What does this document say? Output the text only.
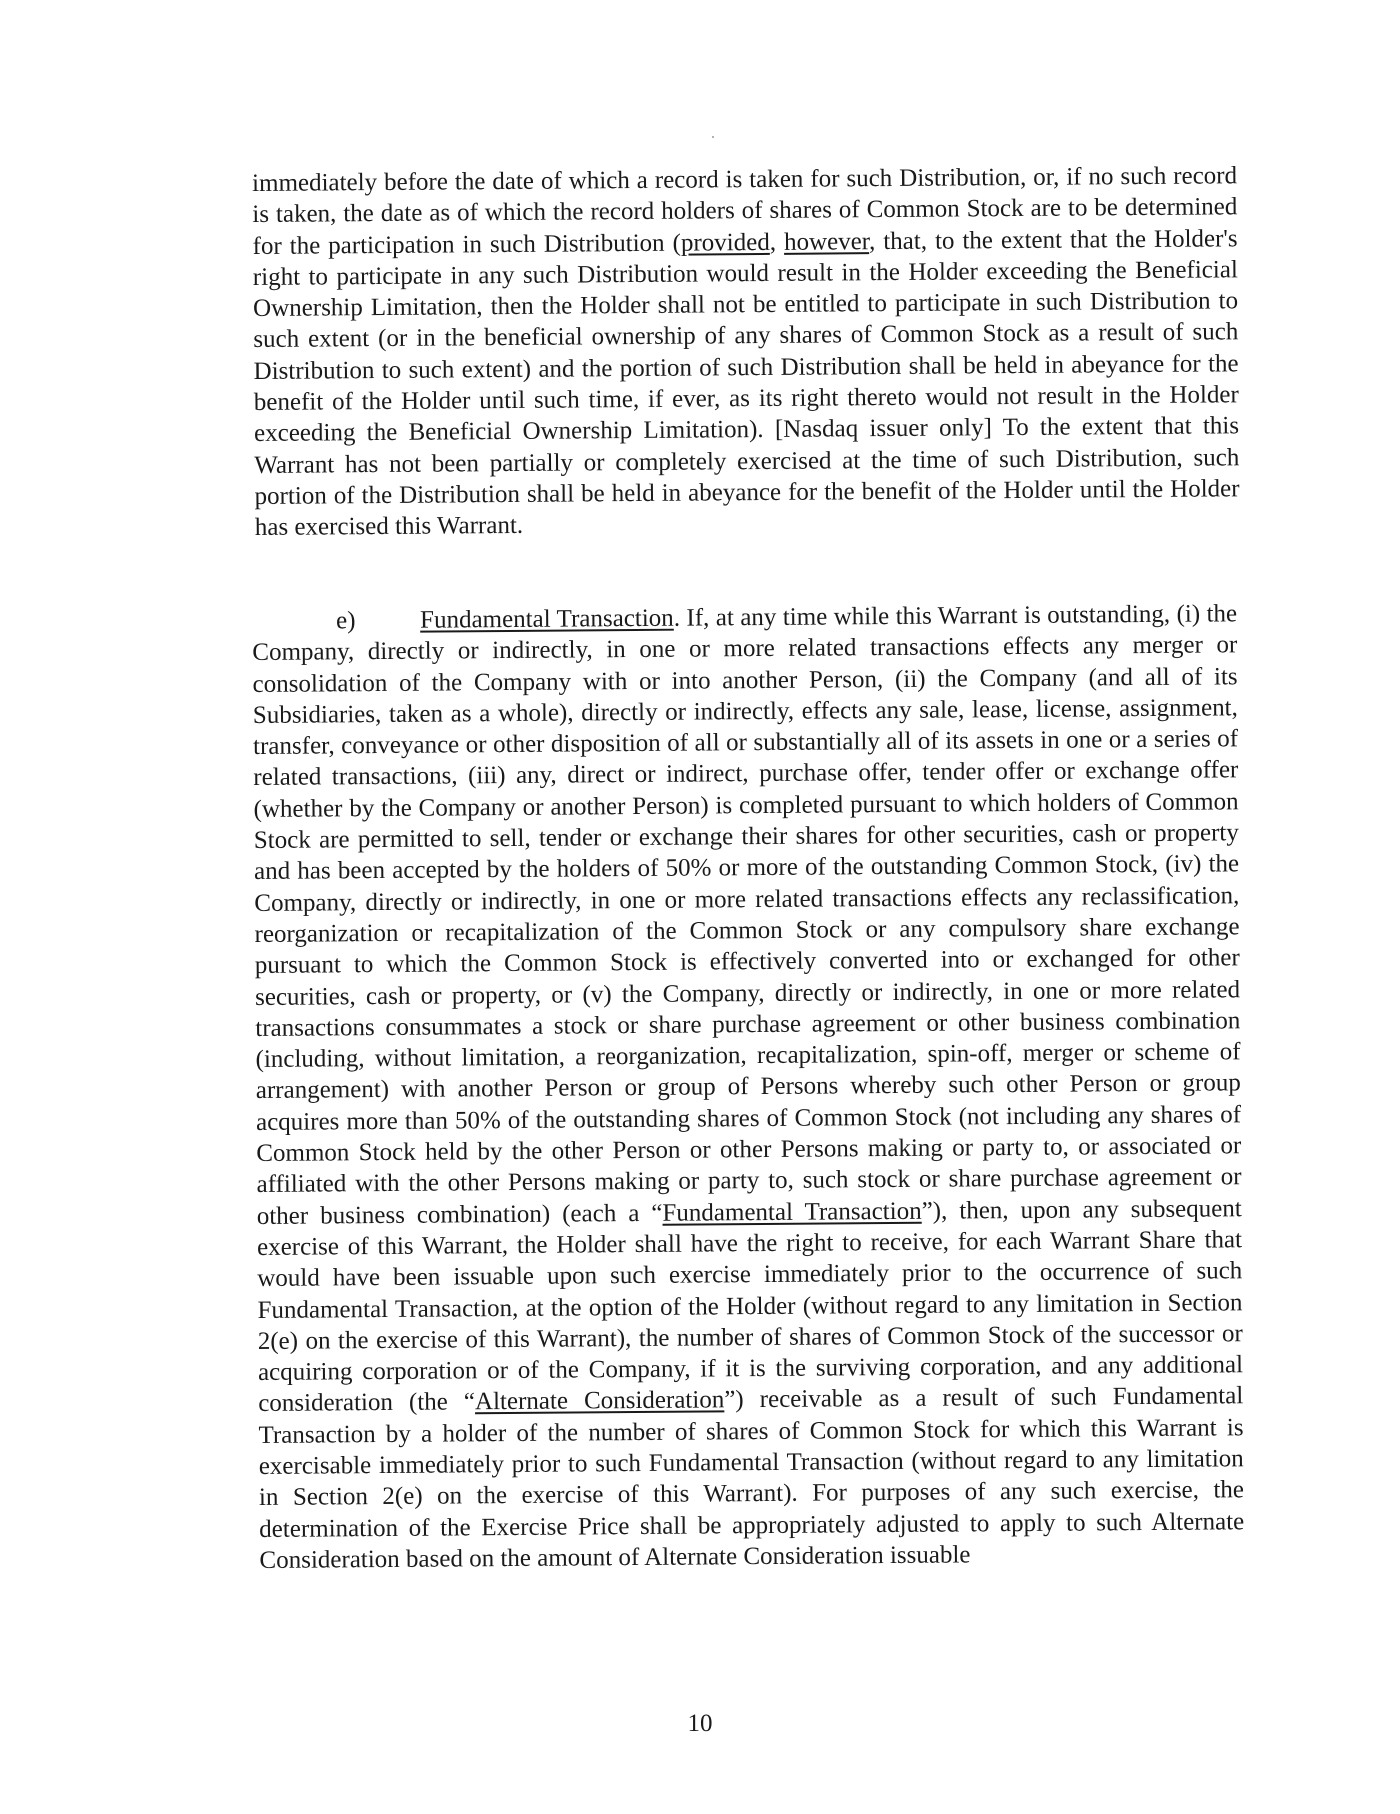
immediately before the date of which a record is taken for such Distribution, or, if no such record is taken, the date as of which the record holders of shares of Common Stock are to be determined for the participation in such Distribution (provided, however, that, to the extent that the Holder's right to participate in any such Distribution would result in the Holder exceeding the Beneficial Ownership Limitation, then the Holder shall not be entitled to participate in such Distribution to such extent (or in the beneficial ownership of any shares of Common Stock as a result of such Distribution to such extent) and the portion of such Distribution shall be held in abeyance for the benefit of the Holder until such time, if ever, as its right thereto would not result in the Holder exceeding the Beneficial Ownership Limitation). [Nasdaq issuer only] To the extent that this Warrant has not been partially or completely exercised at the time of such Distribution, such portion of the Distribution shall be held in abeyance for the benefit of the Holder until the Holder has exercised this Warrant.

e)	Fundamental Transaction. If, at any time while this Warrant is outstanding, (i) the Company, directly or indirectly, in one or more related transactions effects any merger or consolidation of the Company with or into another Person, (ii) the Company (and all of its Subsidiaries, taken as a whole), directly or indirectly, effects any sale, lease, license, assignment, transfer, conveyance or other disposition of all or substantially all of its assets in one or a series of related transactions, (iii) any, direct or indirect, purchase offer, tender offer or exchange offer (whether by the Company or another Person) is completed pursuant to which holders of Common Stock are permitted to sell, tender or exchange their shares for other securities, cash or property and has been accepted by the holders of 50% or more of the outstanding Common Stock, (iv) the Company, directly or indirectly, in one or more related transactions effects any reclassification, reorganization or recapitalization of the Common Stock or any compulsory share exchange pursuant to which the Common Stock is effectively converted into or exchanged for other securities, cash or property, or (v) the Company, directly or indirectly, in one or more related transactions consummates a stock or share purchase agreement or other business combination (including, without limitation, a reorganization, recapitalization, spin-off, merger or scheme of arrangement) with another Person or group of Persons whereby such other Person or group acquires more than 50% of the outstanding shares of Common Stock (not including any shares of Common Stock held by the other Person or other Persons making or party to, or associated or affiliated with the other Persons making or party to, such stock or share purchase agreement or other business combination) (each a “Fundamental Transaction”), then, upon any subsequent exercise of this Warrant, the Holder shall have the right to receive, for each Warrant Share that would have been issuable upon such exercise immediately prior to the occurrence of such Fundamental Transaction, at the option of the Holder (without regard to any limitation in Section 2(e) on the exercise of this Warrant), the number of shares of Common Stock of the successor or acquiring corporation or of the Company, if it is the surviving corporation, and any additional consideration (the “Alternate Consideration”) receivable as a result of such Fundamental Transaction by a holder of the number of shares of Common Stock for which this Warrant is exercisable immediately prior to such Fundamental Transaction (without regard to any limitation in Section 2(e) on the exercise of this Warrant). For purposes of any such exercise, the determination of the Exercise Price shall be appropriately adjusted to apply to such Alternate Consideration based on the amount of Alternate Consideration issuable

10
